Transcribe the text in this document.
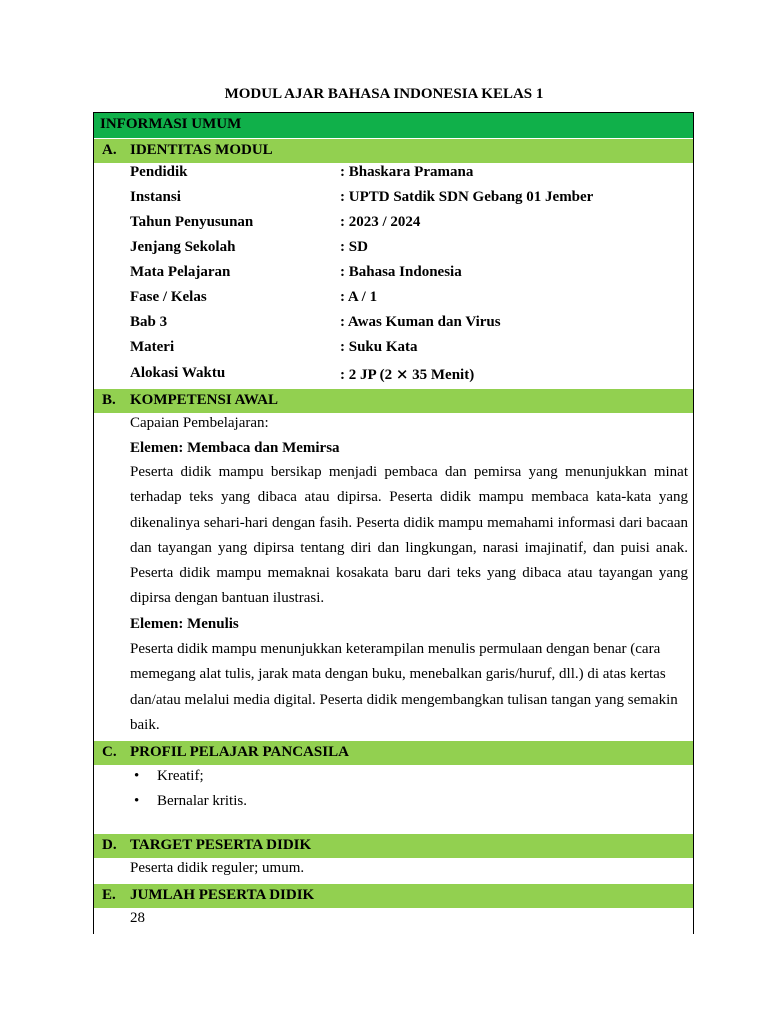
MODUL AJAR BAHASA INDONESIA KELAS 1
INFORMASI UMUM
A. IDENTITAS MODUL
Pendidik	: Bhaskara Pramana
Instansi	: UPTD Satdik SDN Gebang 01 Jember
Tahun Penyusunan	: 2023 / 2024
Jenjang Sekolah	: SD
Mata Pelajaran	: Bahasa Indonesia
Fase / Kelas	: A / 1
Bab 3	: Awas Kuman dan Virus
Materi	: Suku Kata
Alokasi Waktu	: 2 JP (2 ⨯ 35 Menit)
B. KOMPETENSI AWAL
Capaian Pembelajaran:
Elemen: Membaca dan Memirsa
Peserta didik mampu bersikap menjadi pembaca dan pemirsa yang menunjukkan minat terhadap teks yang dibaca atau dipirsa. Peserta didik mampu membaca kata-kata yang dikenalinya sehari-hari dengan fasih. Peserta didik mampu memahami informasi dari bacaan dan tayangan yang dipirsa tentang diri dan lingkungan, narasi imajinatif, dan puisi anak. Peserta didik mampu memaknai kosakata baru dari teks yang dibaca atau tayangan yang dipirsa dengan bantuan ilustrasi.
Elemen: Menulis
Peserta didik mampu menunjukkan keterampilan menulis permulaan dengan benar (cara memegang alat tulis, jarak mata dengan buku, menebalkan garis/huruf, dll.) di atas kertas dan/atau melalui media digital. Peserta didik mengembangkan tulisan tangan yang semakin baik.
C. PROFIL PELAJAR PANCASILA
• Kreatif;
• Bernalar kritis.
D. TARGET PESERTA DIDIK
Peserta didik reguler; umum.
E. JUMLAH PESERTA DIDIK
28
